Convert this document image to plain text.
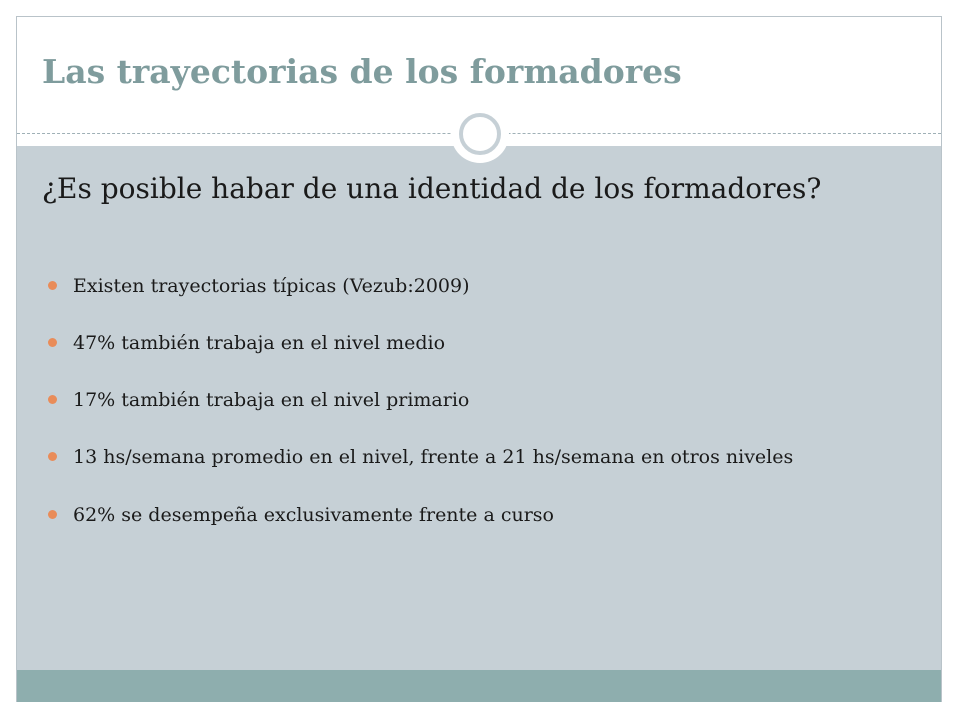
Las trayectorias de los formadores

¿Es posible habar de una identidad de los formadores?

Existen trayectorias típicas (Vezub:2009)
47% también trabaja en el nivel medio
17% también trabaja en el nivel primario
13 hs/semana promedio en el nivel, frente a 21 hs/semana en otros niveles
62% se desempeña exclusivamente frente a curso
